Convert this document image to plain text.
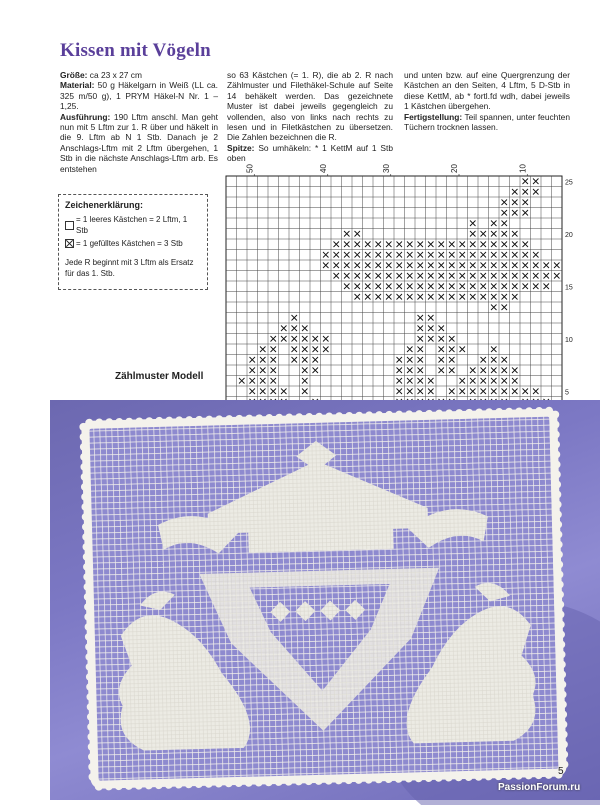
Kissen mit Vögeln
Größe: ca 23 x 27 cm
Material: 50 g Häkelgarn in Weiß (LL ca. 325 m/50 g), 1 PRYM Häkel-N Nr. 1 – 1,25.
Ausführung: 190 Lftm anschl. Man geht nun mit 5 Lftm zur 1. R über und häkelt in die 9. Lftm ab N 1 Stb. Danach je 2 Anschlags-Lftm mit 2 Lftm übergehen, 1 Stb in die nächste Anschlags-Lftm arb. Es entstehen
so 63 Kästchen (= 1. R), die ab 2. R nach Zählmuster und Filethäkel-Schule auf Seite 14 behäkelt werden. Das gezeichnete Muster ist dabei jeweils gegengleich zu vollenden, also von links nach rechts zu lesen und in Filetkästchen zu übersetzen. Die Zahlen bezeichnen die R.
Spitze: So umhäkeln: * 1 KettM auf 1 Stb oben
und unten bzw. auf eine Quergrenzung der Kästchen an den Seiten, 4 Lftm, 5 D-Stb in diese KettM, ab * fortl.fd wdh, dabei jeweils 1 Kästchen übergehen.
Fertigstellung: Teil spannen, unter feuchten Tüchern trocknen lassen.
Zeichenerklärung:
= 1 leeres Kästchen = 2 Lftm, 1 Stb
= 1 gefülltes Kästchen = 3 Stb
Jede R beginnt mit 3 Lftm als Ersatz für das 1. Stb.
50	40	30	20	10
5
10
15
20
25
Zählmuster Modell
5
PassionForum.ru
